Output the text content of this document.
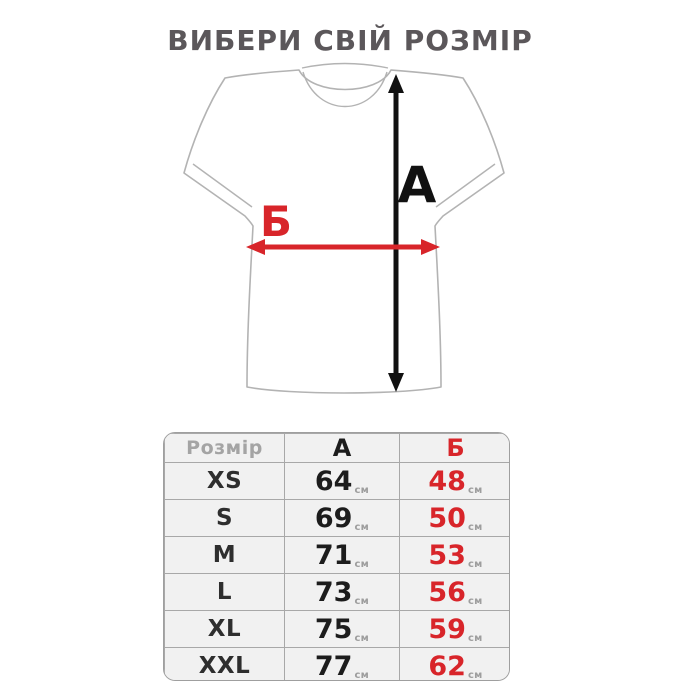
ВИБЕРИ СВІЙ РОЗМІР
А
Б
Розмір	А	Б
XS	64 см	48 см

S	69 см	50 см

M	71 см	53 см

L	73 см	56 см

XL	75 см	59 см

XXL	77 см	62 см
